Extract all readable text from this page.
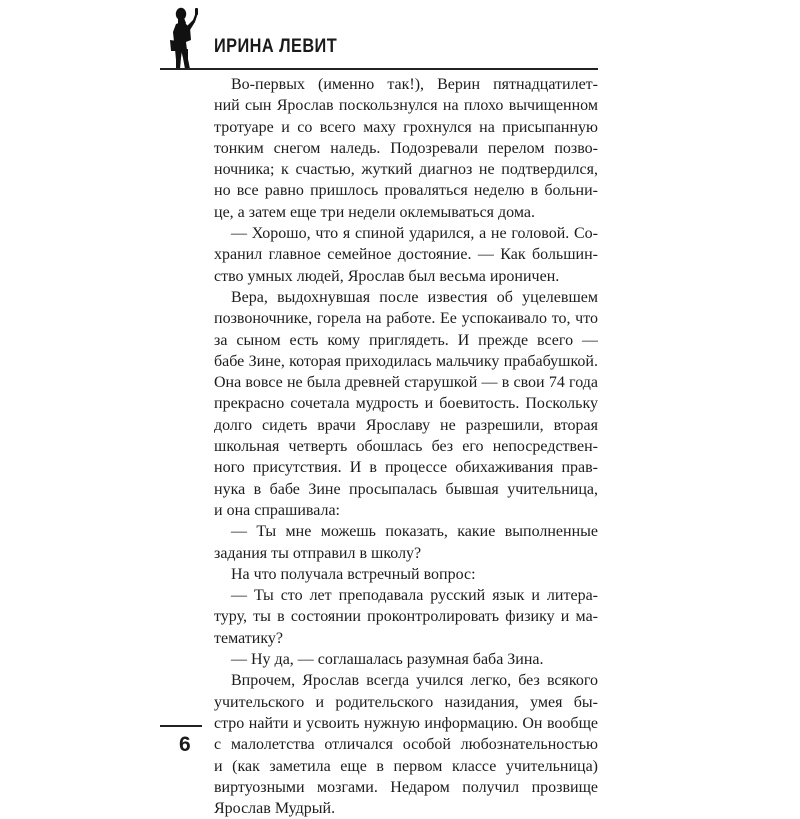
ИРИНА ЛЕВИТ
Во-первых (именно так!), Верин пятнадцатилет-
ний сын Ярослав поскользнулся на плохо вычищенном
тротуаре и со всего маху грохнулся на присыпанную
тонким снегом наледь. Подозревали перелом позво-
ночника; к счастью, жуткий диагноз не подтвердился,
но все равно пришлось проваляться неделю в больни-
це, а затем еще три недели оклемываться дома.
— Хорошо, что я спиной ударился, а не головой. Со-
хранил главное семейное достояние. — Как большин-
ство умных людей, Ярослав был весьма ироничен.
Вера, выдохнувшая после известия об уцелевшем
позвоночнике, горела на работе. Ее успокаивало то, что
за сыном есть кому приглядеть. И прежде всего —
бабе Зине, которая приходилась мальчику прабабушкой.
Она вовсе не была древней старушкой — в свои 74 года
прекрасно сочетала мудрость и боевитость. Поскольку
долго сидеть врачи Ярославу не разрешили, вторая
школьная четверть обошлась без его непосредствен-
ного присутствия. И в процессе обихаживания прав-
нука в бабе Зине просыпалась бывшая учительница,
и она спрашивала:
— Ты мне можешь показать, какие выполненные
задания ты отправил в школу?
На что получала встречный вопрос:
— Ты сто лет преподавала русский язык и литера-
туру, ты в состоянии проконтролировать физику и ма-
тематику?
— Ну да, — соглашалась разумная баба Зина.
Впрочем, Ярослав всегда учился легко, без всякого
учительского и родительского назидания, умея бы-
стро найти и усвоить нужную информацию. Он вообще
с малолетства отличался особой любознательностью
и (как заметила еще в первом классе учительница)
виртуозными мозгами. Недаром получил прозвище
Ярослав Мудрый.
6
